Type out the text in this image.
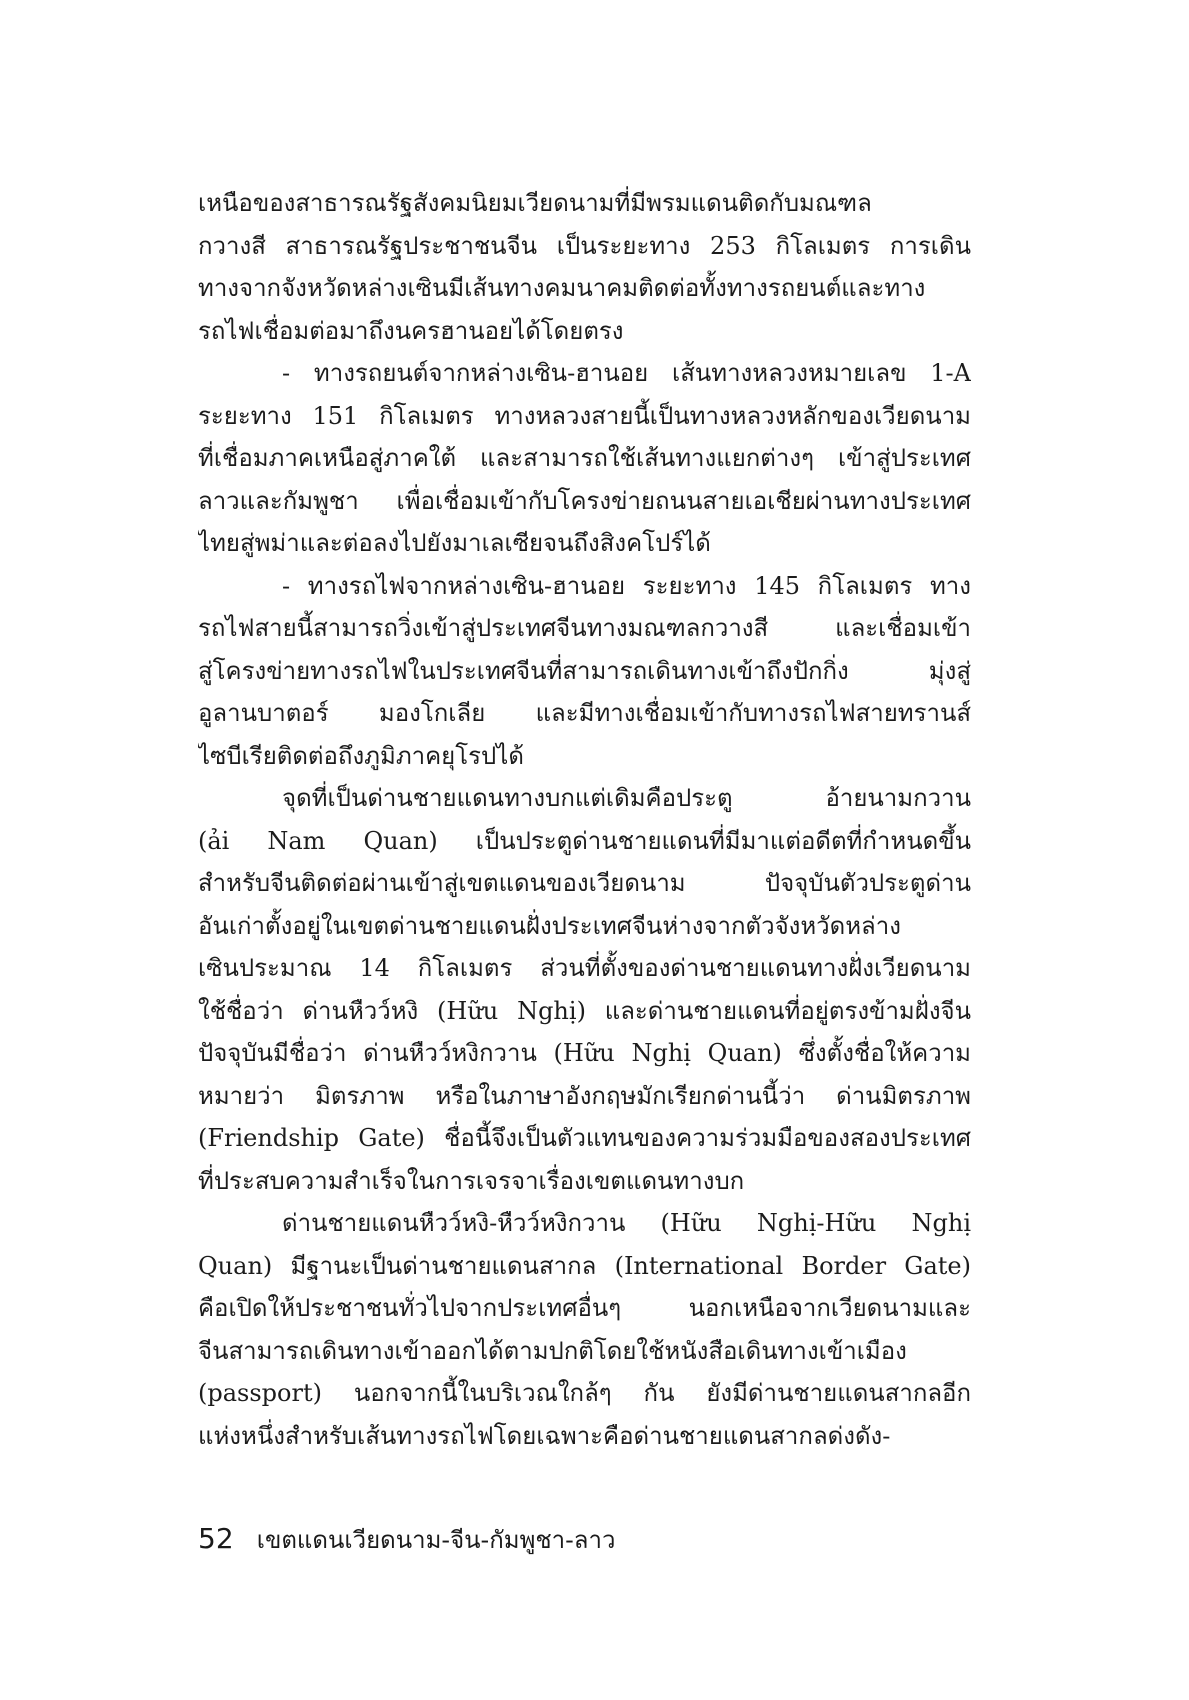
เหนือของสาธารณรัฐสังคมนิยมเวียดนามที่มีพรมแดนติดกับมณฑล
กวางสี สาธารณรัฐประชาชนจีน เป็นระยะทาง 253 กิโลเมตร การเดิน
ทางจากจังหวัดหล่างเซินมีเส้นทางคมนาคมติดต่อทั้งทางรถยนต์และทาง
รถไฟเชื่อมต่อมาถึงนครฮานอยได้โดยตรง
- ทางรถยนต์จากหล่างเซิน-ฮานอย เส้นทางหลวงหมายเลข 1-A
ระยะทาง 151 กิโลเมตร ทางหลวงสายนี้เป็นทางหลวงหลักของเวียดนาม
ที่เชื่อมภาคเหนือสู่ภาคใต้ และสามารถใช้เส้นทางแยกต่างๆ เข้าสู่ประเทศ
ลาวและกัมพูชา เพื่อเชื่อมเข้ากับโครงข่ายถนนสายเอเชียผ่านทางประเทศ
ไทยสู่พม่าและต่อลงไปยังมาเลเซียจนถึงสิงคโปร์ได้
- ทางรถไฟจากหล่างเซิน-ฮานอย ระยะทาง 145 กิโลเมตร ทาง
รถไฟสายนี้สามารถวิ่งเข้าสู่ประเทศจีนทางมณฑลกวางสี และเชื่อมเข้า
สู่โครงข่ายทางรถไฟในประเทศจีนที่สามารถเดินทางเข้าถึงปักกิ่ง มุ่งสู่
อูลานบาตอร์ มองโกเลีย และมีทางเชื่อมเข้ากับทางรถไฟสายทรานส์
ไซบีเรียติดต่อถึงภูมิภาคยุโรปได้
จุดที่เป็นด่านชายแดนทางบกแต่เดิมคือประตู อ้ายนามกวาน
(ải Nam Quan) เป็นประตูด่านชายแดนที่มีมาแต่อดีตที่กำหนดขึ้น
สำหรับจีนติดต่อผ่านเข้าสู่เขตแดนของเวียดนาม ปัจจุบันตัวประตูด่าน
อันเก่าตั้งอยู่ในเขตด่านชายแดนฝั่งประเทศจีนห่างจากตัวจังหวัดหล่าง
เซินประมาณ 14 กิโลเมตร ส่วนที่ตั้งของด่านชายแดนทางฝั่งเวียดนาม
ใช้ชื่อว่า ด่านหืวว์หงิ (Hữu Nghị) และด่านชายแดนที่อยู่ตรงข้ามฝั่งจีน
ปัจจุบันมีชื่อว่า ด่านหืวว์หงิกวาน (Hữu Nghị Quan) ซึ่งตั้งชื่อให้ความ
หมายว่า มิตรภาพ หรือในภาษาอังกฤษมักเรียกด่านนี้ว่า ด่านมิตรภาพ
(Friendship Gate) ชื่อนี้จึงเป็นตัวแทนของความร่วมมือของสองประเทศ
ที่ประสบความสำเร็จในการเจรจาเรื่องเขตแดนทางบก
ด่านชายแดนหืวว์หงิ-หืวว์หงิกวาน (Hữu Nghị-Hữu Nghị
Quan) มีฐานะเป็นด่านชายแดนสากล (International Border Gate)
คือเปิดให้ประชาชนทั่วไปจากประเทศอื่นๆ นอกเหนือจากเวียดนามและ
จีนสามารถเดินทางเข้าออกได้ตามปกติโดยใช้หนังสือเดินทางเข้าเมือง
(passport) นอกจากนี้ในบริเวณใกล้ๆ กัน ยังมีด่านชายแดนสากลอีก
แห่งหนึ่งสำหรับเส้นทางรถไฟโดยเฉพาะคือด่านชายแดนสากลด่งดัง-
52 เขตแดนเวียดนาม-จีน-กัมพูชา-ลาว
